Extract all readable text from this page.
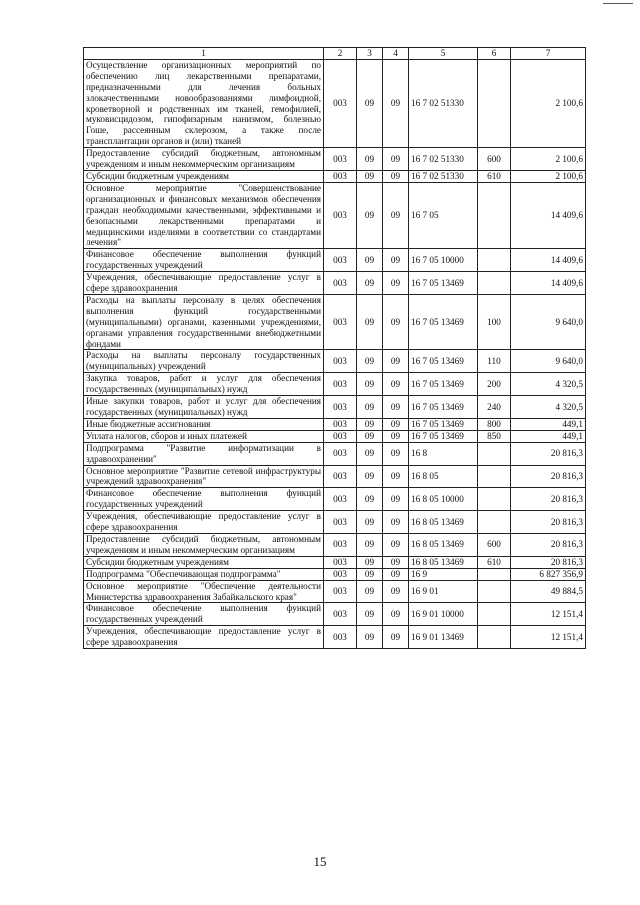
1	2	3	4	5	6	7
Осуществление организационных мероприятий по обеспечению лиц лекарственными препаратами, предназначенными для лечения больных злокачественными новообразованиями лимфоидной, кроветворной и родственных им тканей, гемофилией, муковисцидозом, гипофизарным нанизмом, болезнью Гоше, рассеянным склерозом, а также после трансплантации органов и (или) тканей	003	09	09	16 7 02 51330		2 100,6
Предоставление субсидий бюджетным, автономным учреждениям и иным некоммерческим организациям	003	09	09	16 7 02 51330	600	2 100,6
Субсидии бюджетным учреждениям	003	09	09	16 7 02 51330	610	2 100,6
Основное мероприятие "Совершенствование организационных и финансовых механизмов обеспечения граждан необходимыми качественными, эффективными и безопасными лекарственными препаратами и медицинскими изделиями в соответствии со стандартами лечения"	003	09	09	16 7 05		14 409,6
Финансовое обеспечение выполнения функций государственных учреждений	003	09	09	16 7 05 10000		14 409,6
Учреждения, обеспечивающие предоставление услуг в сфере здравоохранения	003	09	09	16 7 05 13469		14 409,6
Расходы на выплаты персоналу в целях обеспечения выполнения функций государственными (муниципальными) органами, казенными учреждениями, органами управления государственными внебюджетными фондами	003	09	09	16 7 05 13469	100	9 640,0
Расходы на выплаты персоналу государственных (муниципальных) учреждений	003	09	09	16 7 05 13469	110	9 640,0
Закупка товаров, работ и услуг для обеспечения государственных (муниципальных) нужд	003	09	09	16 7 05 13469	200	4 320,5
Иные закупки товаров, работ и услуг для обеспечения государственных (муниципальных) нужд	003	09	09	16 7 05 13469	240	4 320,5
Иные бюджетные ассигнования	003	09	09	16 7 05 13469	800	449,1
Уплата налогов, сборов и иных платежей	003	09	09	16 7 05 13469	850	449,1
Подпрограмма "Развитие информатизации в здравоохранении"	003	09	09	16 8		20 816,3
Основное мероприятие "Развитие сетевой инфраструктуры учреждений здравоохранения"	003	09	09	16 8 05		20 816,3
Финансовое обеспечение выполнения функций государственных учреждений	003	09	09	16 8 05 10000		20 816,3
Учреждения, обеспечивающие предоставление услуг в сфере здравоохранения	003	09	09	16 8 05 13469		20 816,3
Предоставление субсидий бюджетным, автономным учреждениям и иным некоммерческим организациям	003	09	09	16 8 05 13469	600	20 816,3
Субсидии бюджетным учреждениям	003	09	09	16 8 05 13469	610	20 816,3
Подпрограмма "Обеспечивающая подпрограмма"	003	09	09	16 9		6 827 356,9
Основное мероприятие "Обеспечение деятельности Министерства здравоохранения Забайкальского края"	003	09	09	16 9 01		49 884,5
Финансовое обеспечение выполнения функций государственных учреждений	003	09	09	16 9 01 10000		12 151,4
Учреждения, обеспечивающие предоставление услуг в сфере здравоохранения	003	09	09	16 9 01 13469		12 151,4
15
